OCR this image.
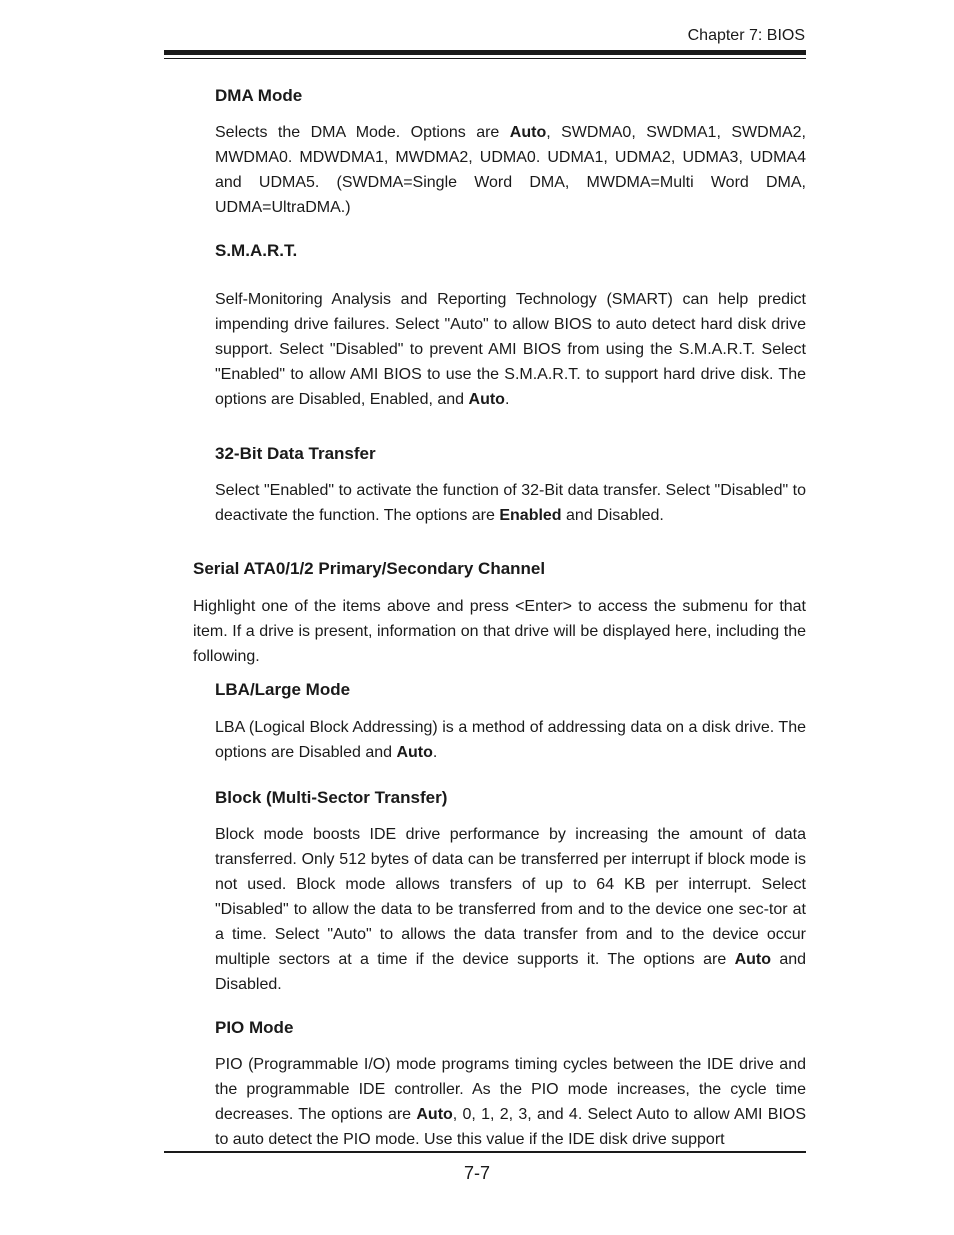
Chapter 7: BIOS
DMA Mode

Selects the DMA Mode. Options are Auto, SWDMA0, SWDMA1, SWDMA2, MWDMA0. MDWDMA1, MWDMA2, UDMA0. UDMA1, UDMA2, UDMA3, UDMA4 and UDMA5. (SWDMA=Single Word DMA, MWDMA=Multi Word DMA, UDMA=UltraDMA.)

S.M.A.R.T.

Self-Monitoring Analysis and Reporting Technology (SMART) can help predict impending drive failures. Select "Auto" to allow BIOS to auto detect hard disk drive support. Select "Disabled" to prevent AMI BIOS from using the S.M.A.R.T. Select "Enabled" to allow AMI BIOS to use the S.M.A.R.T. to support hard drive disk. The options are Disabled, Enabled, and Auto.

32-Bit Data Transfer

Select "Enabled" to activate the function of 32-Bit data transfer. Select "Disabled" to deactivate the function. The options are Enabled and Disabled.

Serial ATA0/1/2 Primary/Secondary Channel

Highlight one of the items above and press <Enter> to access the submenu for that item. If a drive is present, information on that drive will be displayed here, including the following.

LBA/Large Mode

LBA (Logical Block Addressing) is a method of addressing data on a disk drive. The options are Disabled and Auto.

Block (Multi-Sector Transfer)

Block mode boosts IDE drive performance by increasing the amount of data transferred. Only 512 bytes of data can be transferred per interrupt if block mode is not used. Block mode allows transfers of up to 64 KB per interrupt. Select "Disabled" to allow the data to be transferred from and to the device one sec-tor at a time. Select "Auto" to allows the data transfer from and to the device occur multiple sectors at a time if the device supports it. The options are Auto and Disabled.

PIO Mode

PIO (Programmable I/O) mode programs timing cycles between the IDE drive and the programmable IDE controller. As the PIO mode increases, the cycle time decreases. The options are Auto, 0, 1, 2, 3, and 4. Select Auto to allow AMI BIOS to auto detect the PIO mode. Use this value if the IDE disk drive support

7-7
